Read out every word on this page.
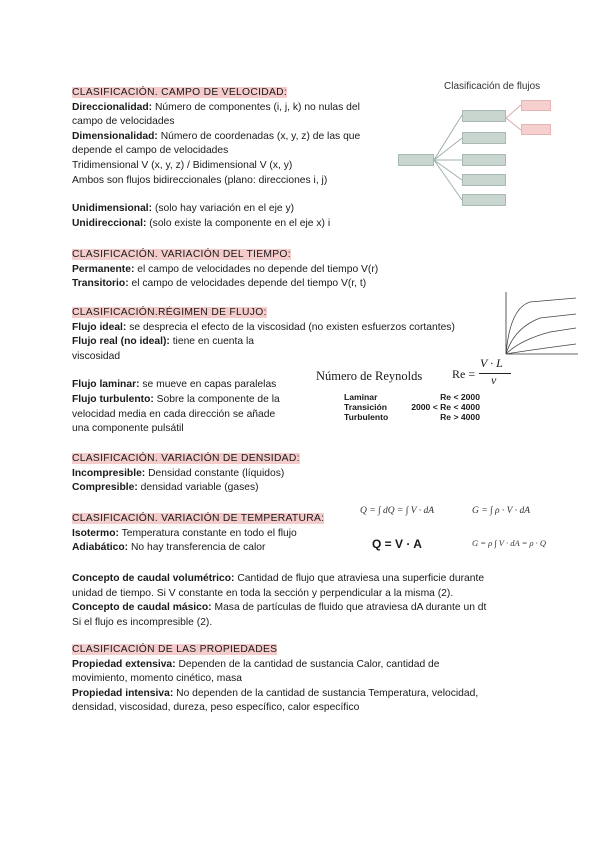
CLASIFICACIÓN. CAMPO DE VELOCIDAD:
Direccionalidad: Número de componentes (i, j, k) no nulas del
campo de velocidades
Dimensionalidad: Número de coordenadas (x, y, z) de las que
depende el campo de velocidades
Tridimensional V (x, y, z) / Bidimensional V (x, y)
Ambos son flujos bidireccionales (plano: direcciones i, j)
Unidimensional: (solo hay variación en el eje y)
Unidireccional: (solo existe la componente en el eje x) i
Clasificación de flujos
CLASIFICACIÓN. VARIACIÓN DEL TIEMPO:
Permanente: el campo de velocidades no depende del tiempo V(r)
Transitorio: el campo de velocidades depende del tiempo V(r, t)
CLASIFICACIÓN.RÉGIMEN DE FLUJO:
Flujo ideal: se desprecia el efecto de la viscosidad (no existen esfuerzos cortantes)
Flujo real (no ideal): tiene en cuenta la
viscosidad
Flujo laminar: se mueve en capas paralelas
Flujo turbulento: Sobre la componente de la
velocidad media en cada dirección se añade
una componente pulsátil
Número de Reynolds Re =
V · L
ν
Laminar	Re < 2000
Transición	2000 < Re < 4000
Turbulento	Re > 4000
CLASIFICACIÓN. VARIACIÓN DE DENSIDAD:
Incompresible: Densidad constante (líquidos)
Compresible: densidad variable (gases)
CLASIFICACIÓN. VARIACIÓN DE TEMPERATURA:
Isotermo: Temperatura constante en todo el flujo
Adiabático: No hay transferencia de calor
Q = ∫ dQ = ∫ V · dA	G = ∫ ρ · V · dA
Q = V · A	G = ρ ∫ V · dA = ρ · Q
Concepto de caudal volumétrico: Cantidad de flujo que atraviesa una superficie durante
unidad de tiempo. Si V constante en toda la sección y perpendicular a la misma (2).
Concepto de caudal másico: Masa de partículas de fluido que atraviesa dA durante un dt
Si el flujo es incompresible (2).
CLASIFICACIÓN DE LAS PROPIEDADES
Propiedad extensiva: Dependen de la cantidad de sustancia Calor, cantidad de
movimiento, momento cinético, masa
Propiedad intensiva: No dependen de la cantidad de sustancia Temperatura, velocidad,
densidad, viscosidad, dureza, peso específico, calor específico
